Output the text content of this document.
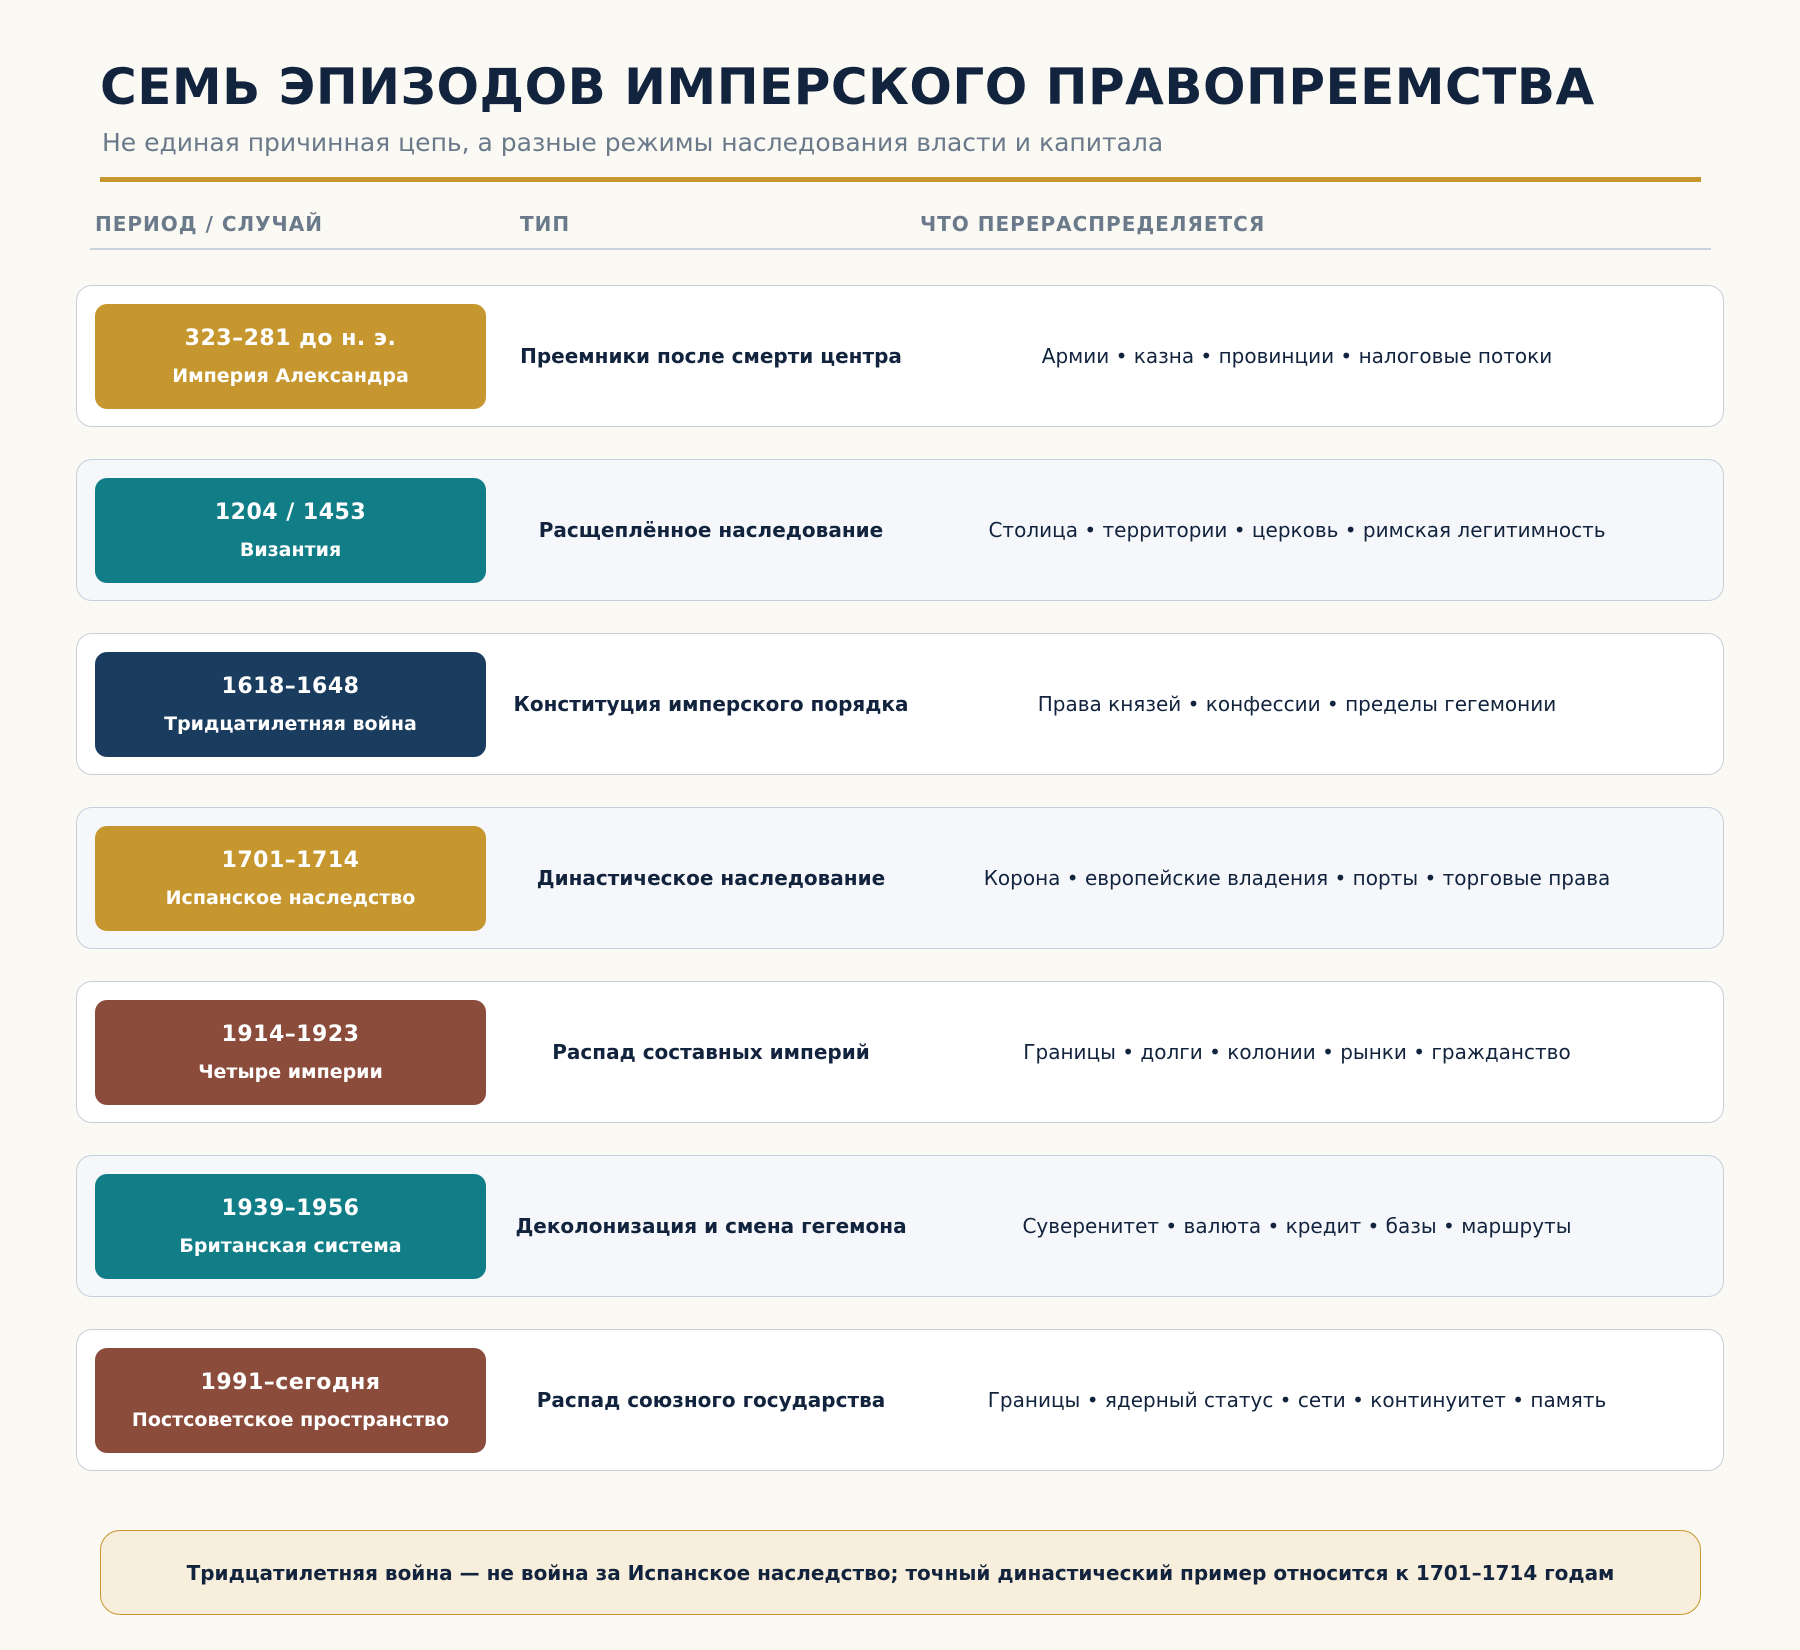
СЕМЬ ЭПИЗОДОВ ИМПЕРСКОГО ПРАВОПРЕЕМСТВА
Не единая причинная цепь, а разные режимы наследования власти и капитала
ПЕРИОД / СЛУЧАЙ	ТИП	ЧТО ПЕРЕРАСПРЕДЕЛЯЕТСЯ
323–281 до н. э.
Империя Александра
Преемники после смерти центра	Армии • казна • провинции • налоговые потоки
1204 / 1453
Византия
Расщеплённое наследование	Столица • территории • церковь • римская легитимность
1618–1648
Тридцатилетняя война
Конституция имперского порядка	Права князей • конфессии • пределы гегемонии
1701–1714
Испанское наследство
Династическое наследование	Корона • европейские владения • порты • торговые права
1914–1923
Четыре империи
Распад составных империй	Границы • долги • колонии • рынки • гражданство
1939–1956
Британская система
Деколонизация и смена гегемона	Суверенитет • валюта • кредит • базы • маршруты
1991–сегодня
Постсоветское пространство
Распад союзного государства	Границы • ядерный статус • сети • континуитет • память
Тридцатилетняя война — не война за Испанское наследство; точный династический пример относится к 1701–1714 годам
